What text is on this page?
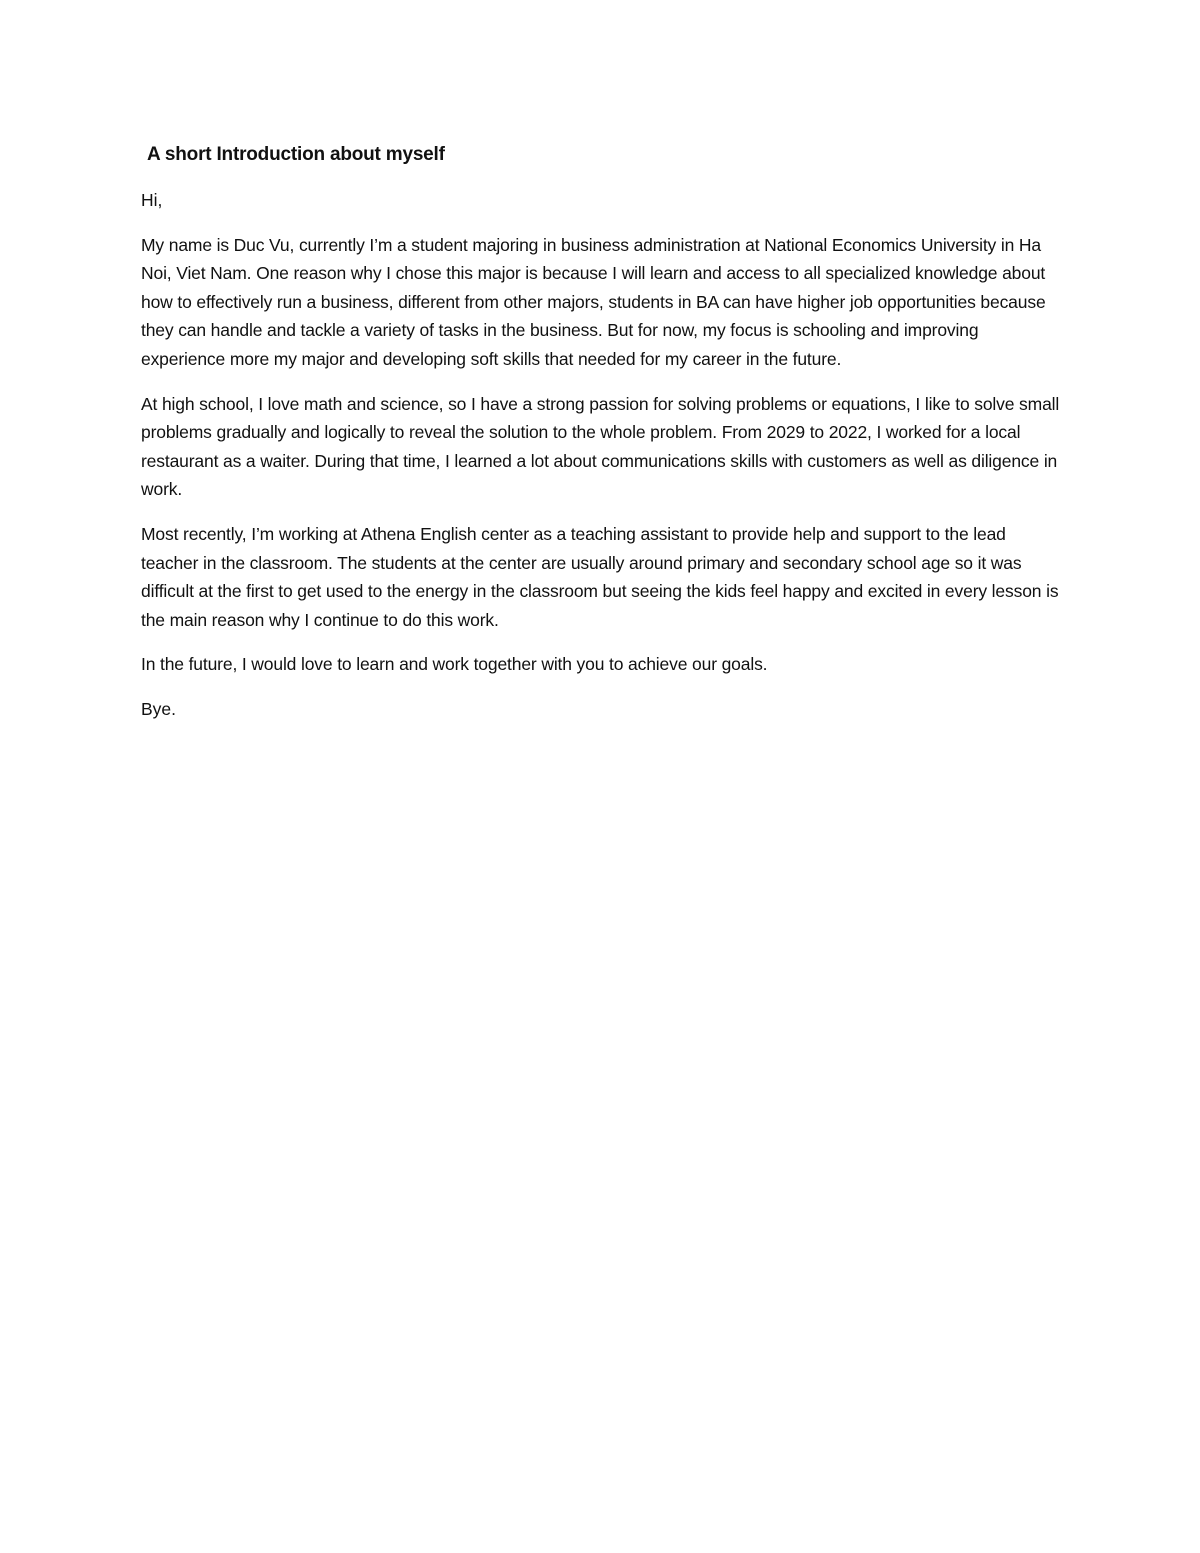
A short Introduction about myself

Hi,

My name is Duc Vu, currently I’m a student majoring in business administration at National Economics University in Ha Noi, Viet Nam. One reason why I chose this major is because I will learn and access to all specialized knowledge about how to effectively run a business, different from other majors, students in BA can have higher job opportunities because they can handle and tackle a variety of tasks in the business. But for now, my focus is schooling and improving experience more my major and developing soft skills that needed for my career in the future.

At high school, I love math and science, so I have a strong passion for solving problems or equations, I like to solve small problems gradually and logically to reveal the solution to the whole problem. From 2029 to 2022, I worked for a local restaurant as a waiter. During that time, I learned a lot about communications skills with customers as well as diligence in work.

Most recently, I’m working at Athena English center as a teaching assistant to provide help and support to the lead teacher in the classroom. The students at the center are usually around primary and secondary school age so it was difficult at the first to get used to the energy in the classroom but seeing the kids feel happy and excited in every lesson is the main reason why I continue to do this work.

In the future, I would love to learn and work together with you to achieve our goals.

Bye.
